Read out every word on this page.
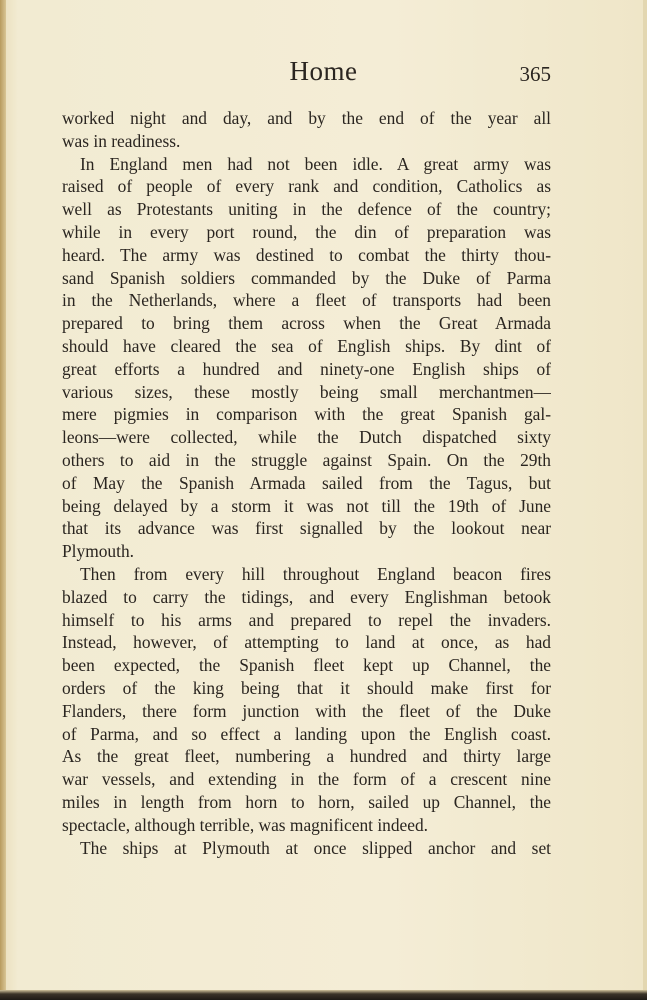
Home	365
worked night and day, and by the end of the year all
was in readiness.
In England men had not been idle. A great army was
raised of people of every rank and condition, Catholics as
well as Protestants uniting in the defence of the country;
while in every port round, the din of preparation was
heard. The army was destined to combat the thirty thou-
sand Spanish soldiers commanded by the Duke of Parma
in the Netherlands, where a fleet of transports had been
prepared to bring them across when the Great Armada
should have cleared the sea of English ships. By dint of
great efforts a hundred and ninety-one English ships of
various sizes, these mostly being small merchantmen—
mere pigmies in comparison with the great Spanish gal-
leons—were collected, while the Dutch dispatched sixty
others to aid in the struggle against Spain. On the 29th
of May the Spanish Armada sailed from the Tagus, but
being delayed by a storm it was not till the 19th of June
that its advance was first signalled by the lookout near
Plymouth.
Then from every hill throughout England beacon fires
blazed to carry the tidings, and every Englishman betook
himself to his arms and prepared to repel the invaders.
Instead, however, of attempting to land at once, as had
been expected, the Spanish fleet kept up Channel, the
orders of the king being that it should make first for
Flanders, there form junction with the fleet of the Duke
of Parma, and so effect a landing upon the English coast.
As the great fleet, numbering a hundred and thirty large
war vessels, and extending in the form of a crescent nine
miles in length from horn to horn, sailed up Channel, the
spectacle, although terrible, was magnificent indeed.
The ships at Plymouth at once slipped anchor and set
